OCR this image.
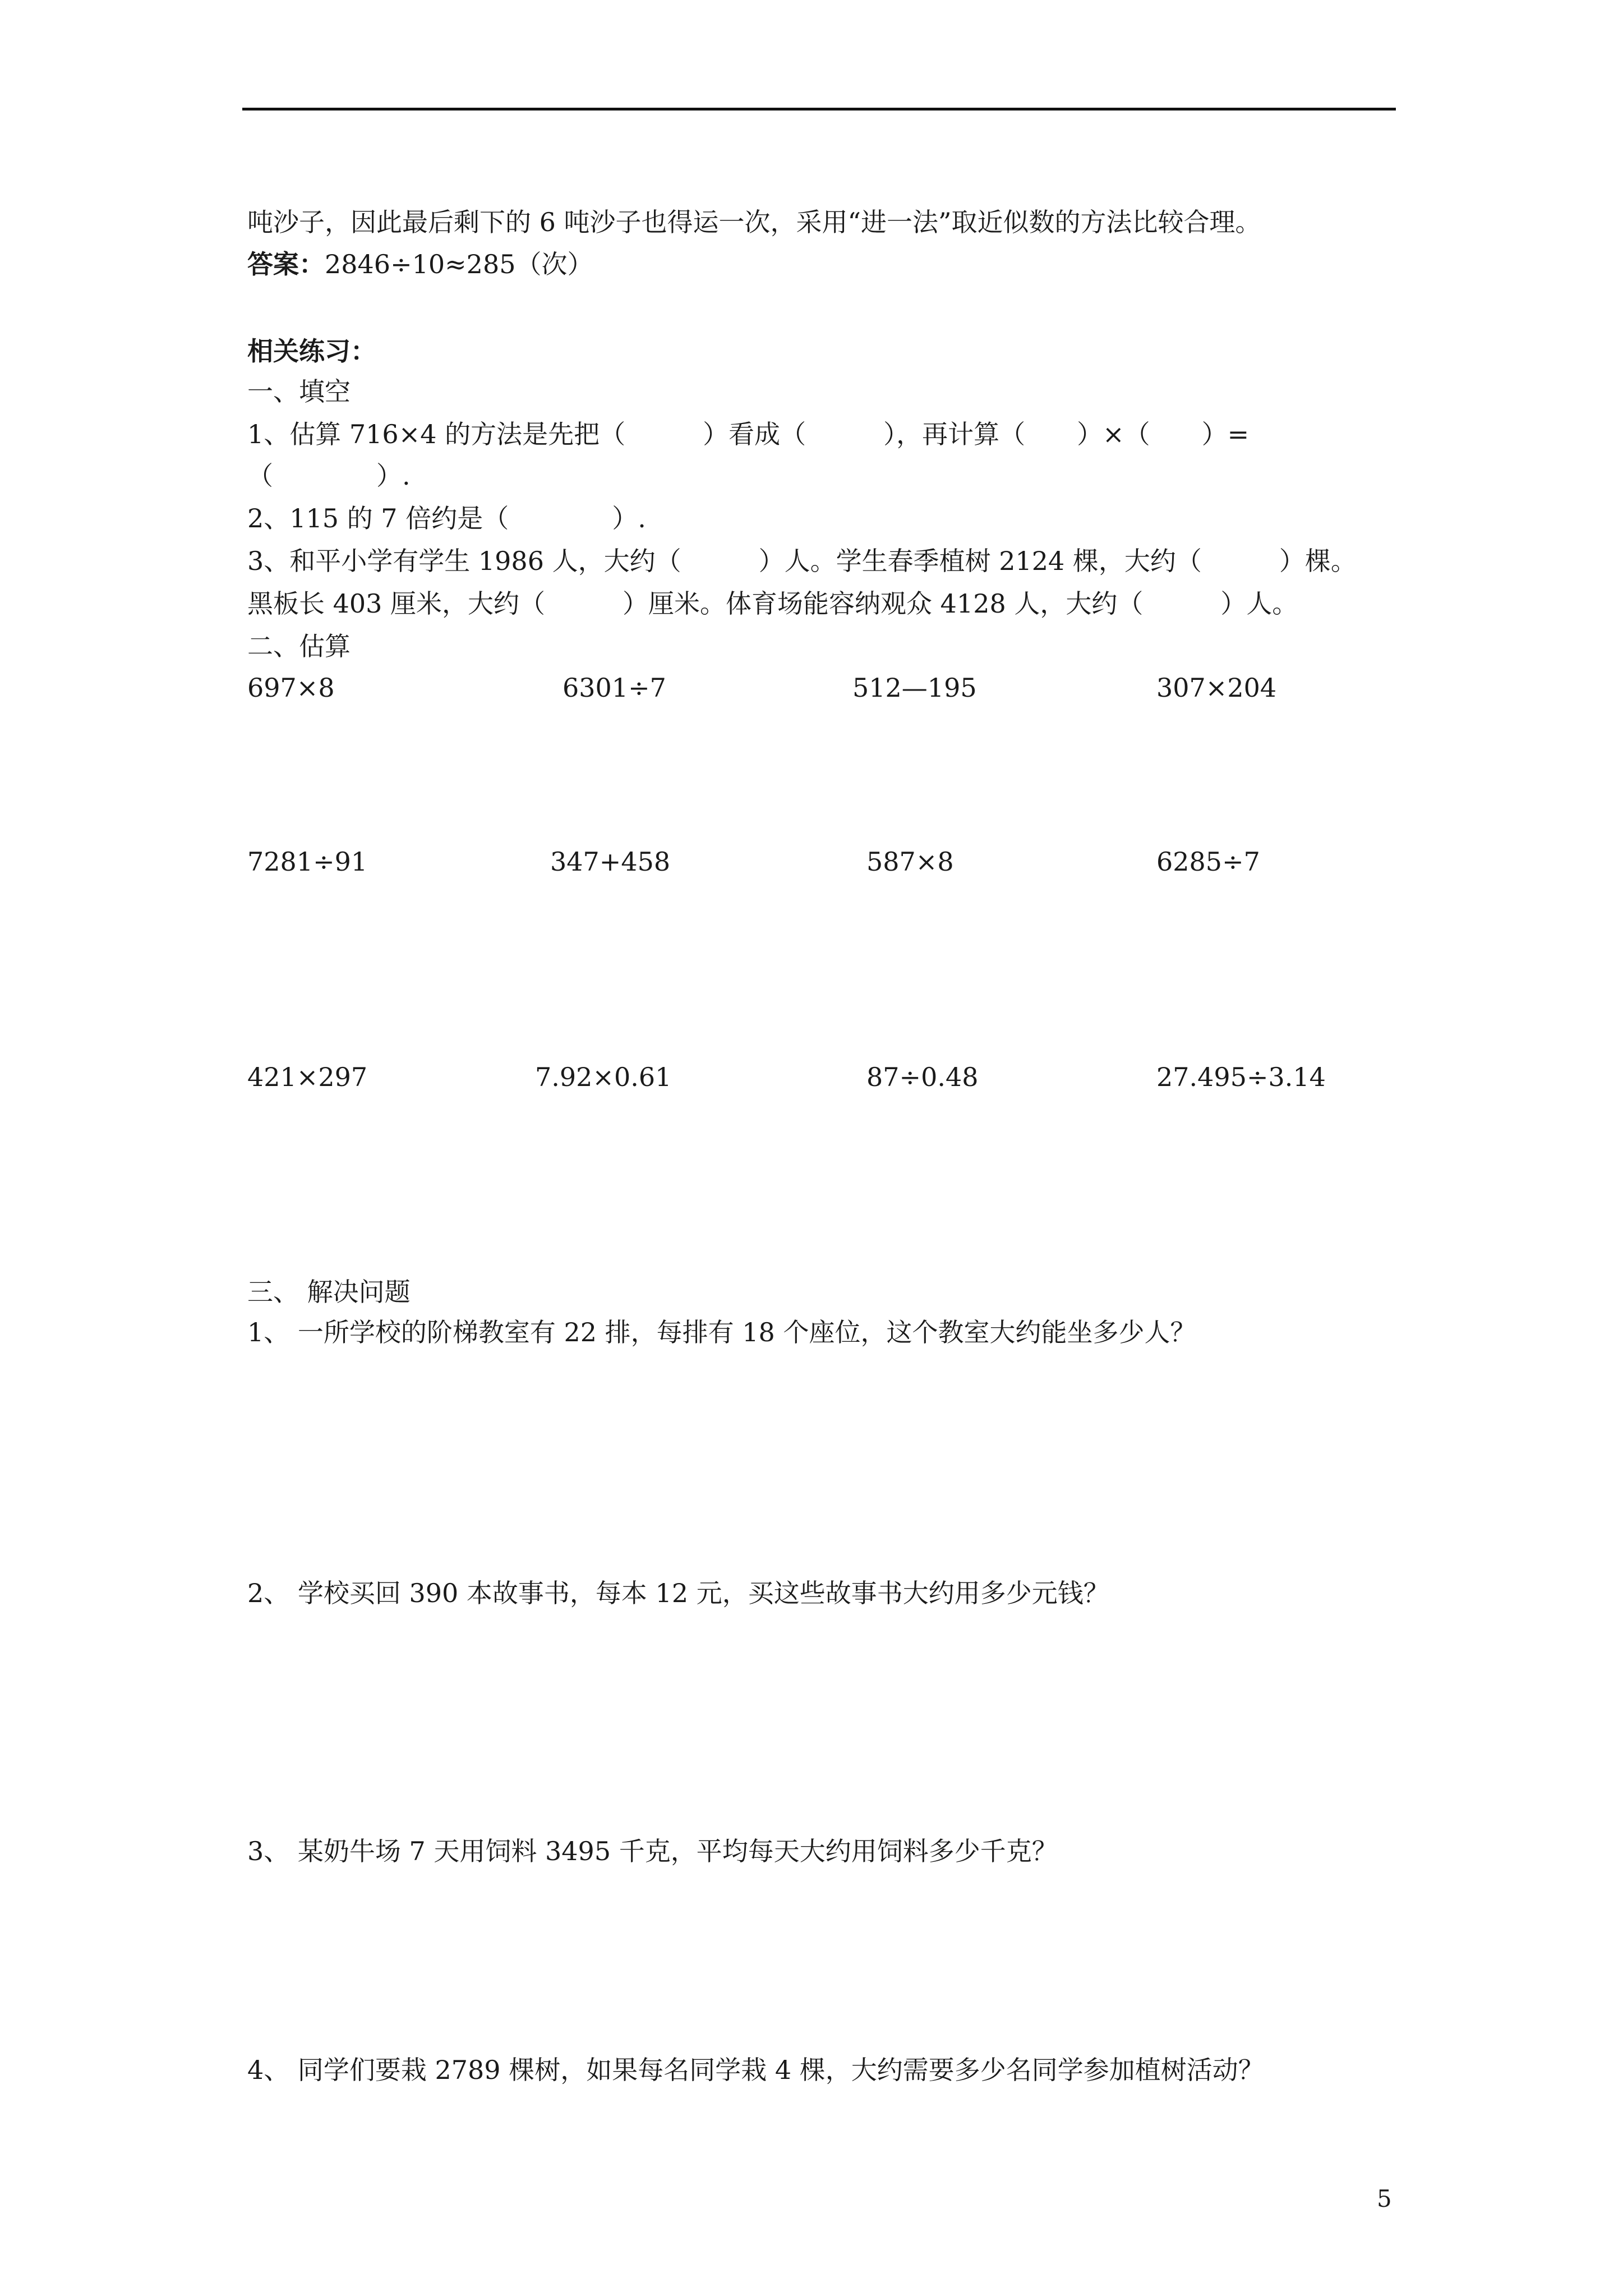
吨沙子，因此最后剩下的 6 吨沙子也得运一次，采用“进一法”取近似数的方法比较合理。
答案：2846÷10≈285（次）
相关练习：
一、填空
1、估算 716×4 的方法是先把（　　　）看成（　　　），再计算（　　）×（　　）=
（　　　　）.
2、115 的 7 倍约是（　　　　）.
3、和平小学有学生 1986 人，大约（　　　）人。学生春季植树 2124 棵，大约（　　　）棵。
黑板长 403 厘米，大约（　　　）厘米。体育场能容纳观众 4128 人，大约（　　　）人。
二、估算
697×8	6301÷7	512—195	307×204
7281÷91	347+458	587×8	6285÷7
421×297	7.92×0.61	87÷0.48	27.495÷3.14
三、 解决问题
1、 一所学校的阶梯教室有 22 排，每排有 18 个座位，这个教室大约能坐多少人？
2、 学校买回 390 本故事书，每本 12 元，买这些故事书大约用多少元钱？
3、 某奶牛场 7 天用饲料 3495 千克，平均每天大约用饲料多少千克？
4、 同学们要栽 2789 棵树，如果每名同学栽 4 棵，大约需要多少名同学参加植树活动？
5
